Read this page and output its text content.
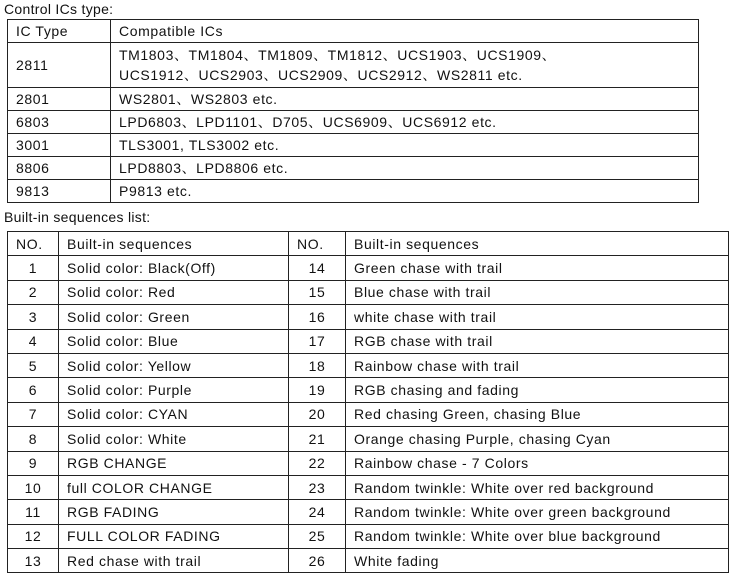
Control ICs type:
IC Type	Compatible ICs
2811	TM1803、TM1804、TM1809、TM1812、UCS1903、UCS1909、
UCS1912、UCS2903、UCS2909、UCS2912、WS2811 etc.

2801	WS2801、WS2803 etc.
6803	LPD6803、LPD1101、D705、UCS6909、UCS6912 etc.
3001	TLS3001, TLS3002 etc.
8806	LPD8803、LPD8806 etc.
9813	P9813 etc.
Built-in sequences list:
NO.	Built-in sequences	NO.	Built-in sequences
1	Solid color: Black(Off)	14	Green chase with trail
2	Solid color: Red	15	Blue chase with trail
3	Solid color: Green	16	white chase with trail
4	Solid color: Blue	17	RGB chase with trail
5	Solid color: Yellow	18	Rainbow chase with trail
6	Solid color: Purple	19	RGB chasing and fading
7	Solid color: CYAN	20	Red chasing Green, chasing Blue
8	Solid color: White	21	Orange chasing Purple, chasing Cyan
9	RGB CHANGE	22	Rainbow chase - 7 Colors
10	full COLOR CHANGE	23	Random twinkle: White over red background
11	RGB FADING	24	Random twinkle: White over green background
12	FULL COLOR FADING	25	Random twinkle: White over blue background
13	Red chase with trail	26	White fading
